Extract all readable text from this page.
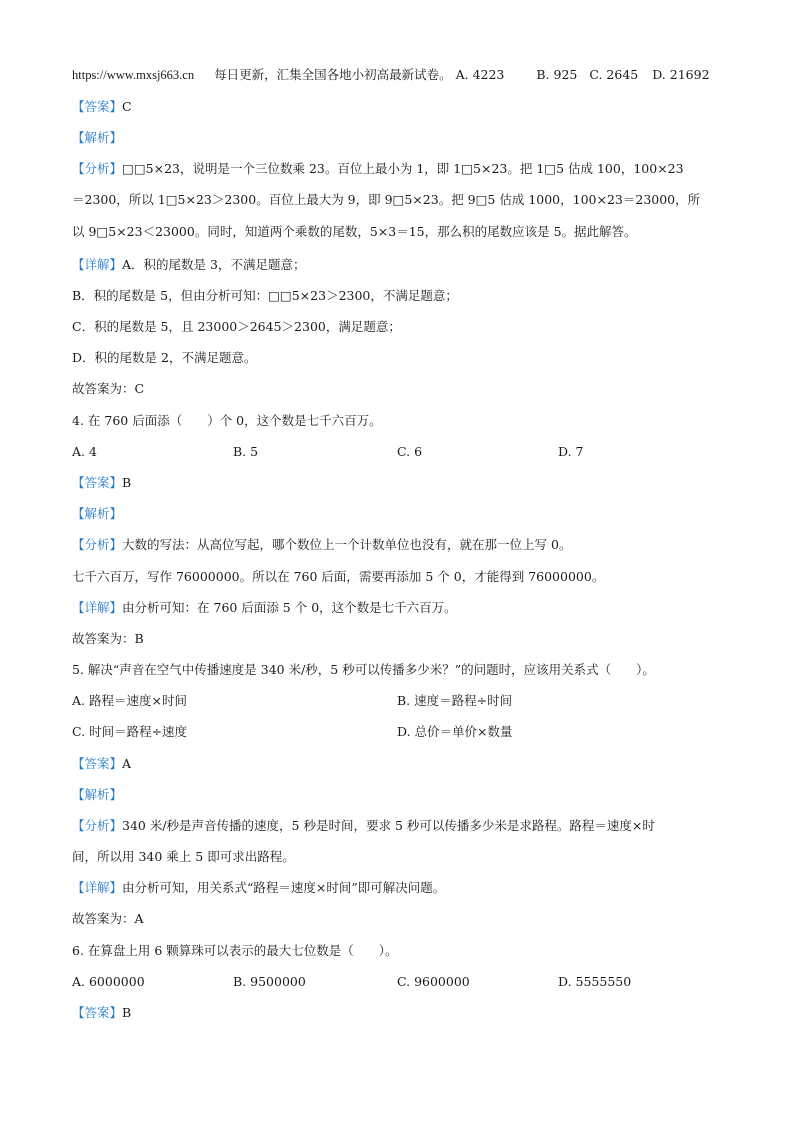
https://www.mxsj663.cn 每日更新，汇集全国各地小初高最新试卷。 A. 4223	B. 925 C. 2645 D. 21692
【答案】C
【解析】
【分析】□□5×23，说明是一个三位数乘 23。百位上最小为 1，即 1□5×23。把 1□5 估成 100，100×23
＝2300，所以 1□5×23＞2300。百位上最大为 9，即 9□5×23。把 9□5 估成 1000，100×23＝23000，所
以 9□5×23＜23000。同时，知道两个乘数的尾数，5×3＝15，那么积的尾数应该是 5。据此解答。
【详解】A．积的尾数是 3，不满足题意；
B．积的尾数是 5，但由分析可知：□□5×23＞2300，不满足题意；
C．积的尾数是 5，且 23000＞2645＞2300，满足题意；
D．积的尾数是 2，不满足题意。
故答案为：C
4. 在 760 后面添（　　）个 0，这个数是七千六百万。
A. 4	B. 5	C. 6	D. 7
【答案】B
【解析】
【分析】大数的写法：从高位写起，哪个数位上一个计数单位也没有，就在那一位上写 0。
七千六百万，写作 76000000。所以在 760 后面，需要再添加 5 个 0，才能得到 76000000。
【详解】由分析可知：在 760 后面添 5 个 0，这个数是七千六百万。
故答案为：B
5. 解决“声音在空气中传播速度是 340 米/秒，5 秒可以传播多少米？”的问题时，应该用关系式（　　）。
A. 路程＝速度×时间	B. 速度＝路程÷时间
C. 时间＝路程÷速度	D. 总价＝单价×数量
【答案】A
【解析】
【分析】340 米/秒是声音传播的速度，5 秒是时间，要求 5 秒可以传播多少米是求路程。路程＝速度×时
间，所以用 340 乘上 5 即可求出路程。
【详解】由分析可知，用关系式“路程＝速度×时间”即可解决问题。
故答案为：A
6. 在算盘上用 6 颗算珠可以表示的最大七位数是（　　）。
A. 6000000	B. 9500000	C. 9600000	D. 5555550
【答案】B
